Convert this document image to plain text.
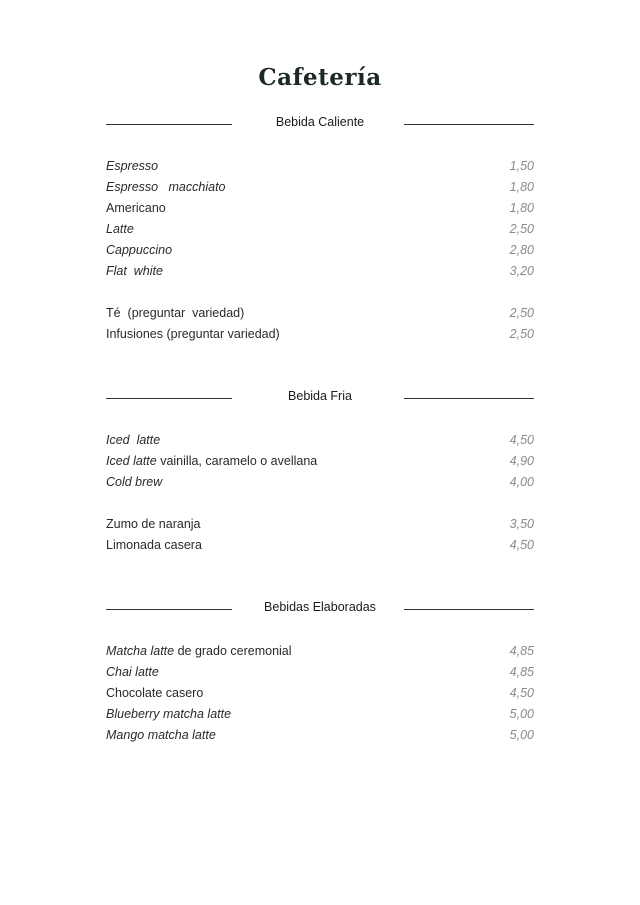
Cafetería
Bebida Caliente
Espresso	1,50
Espresso   macchiato	1,80
Americano	1,80
Latte	2,50
Cappuccino	2,80
Flat  white	3,20
Té  (preguntar  variedad)	2,50
Infusiones (preguntar variedad)	2,50
Bebida Fria
Iced  latte	4,50
Iced latte vainilla, caramelo o avellana	4,90
Cold brew	4,00
Zumo de naranja	3,50
Limonada casera	4,50
Bebidas Elaboradas
Matcha latte de grado ceremonial	4,85
Chai latte	4,85
Chocolate casero	4,50
Blueberry matcha latte	5,00
Mango matcha latte	5,00
